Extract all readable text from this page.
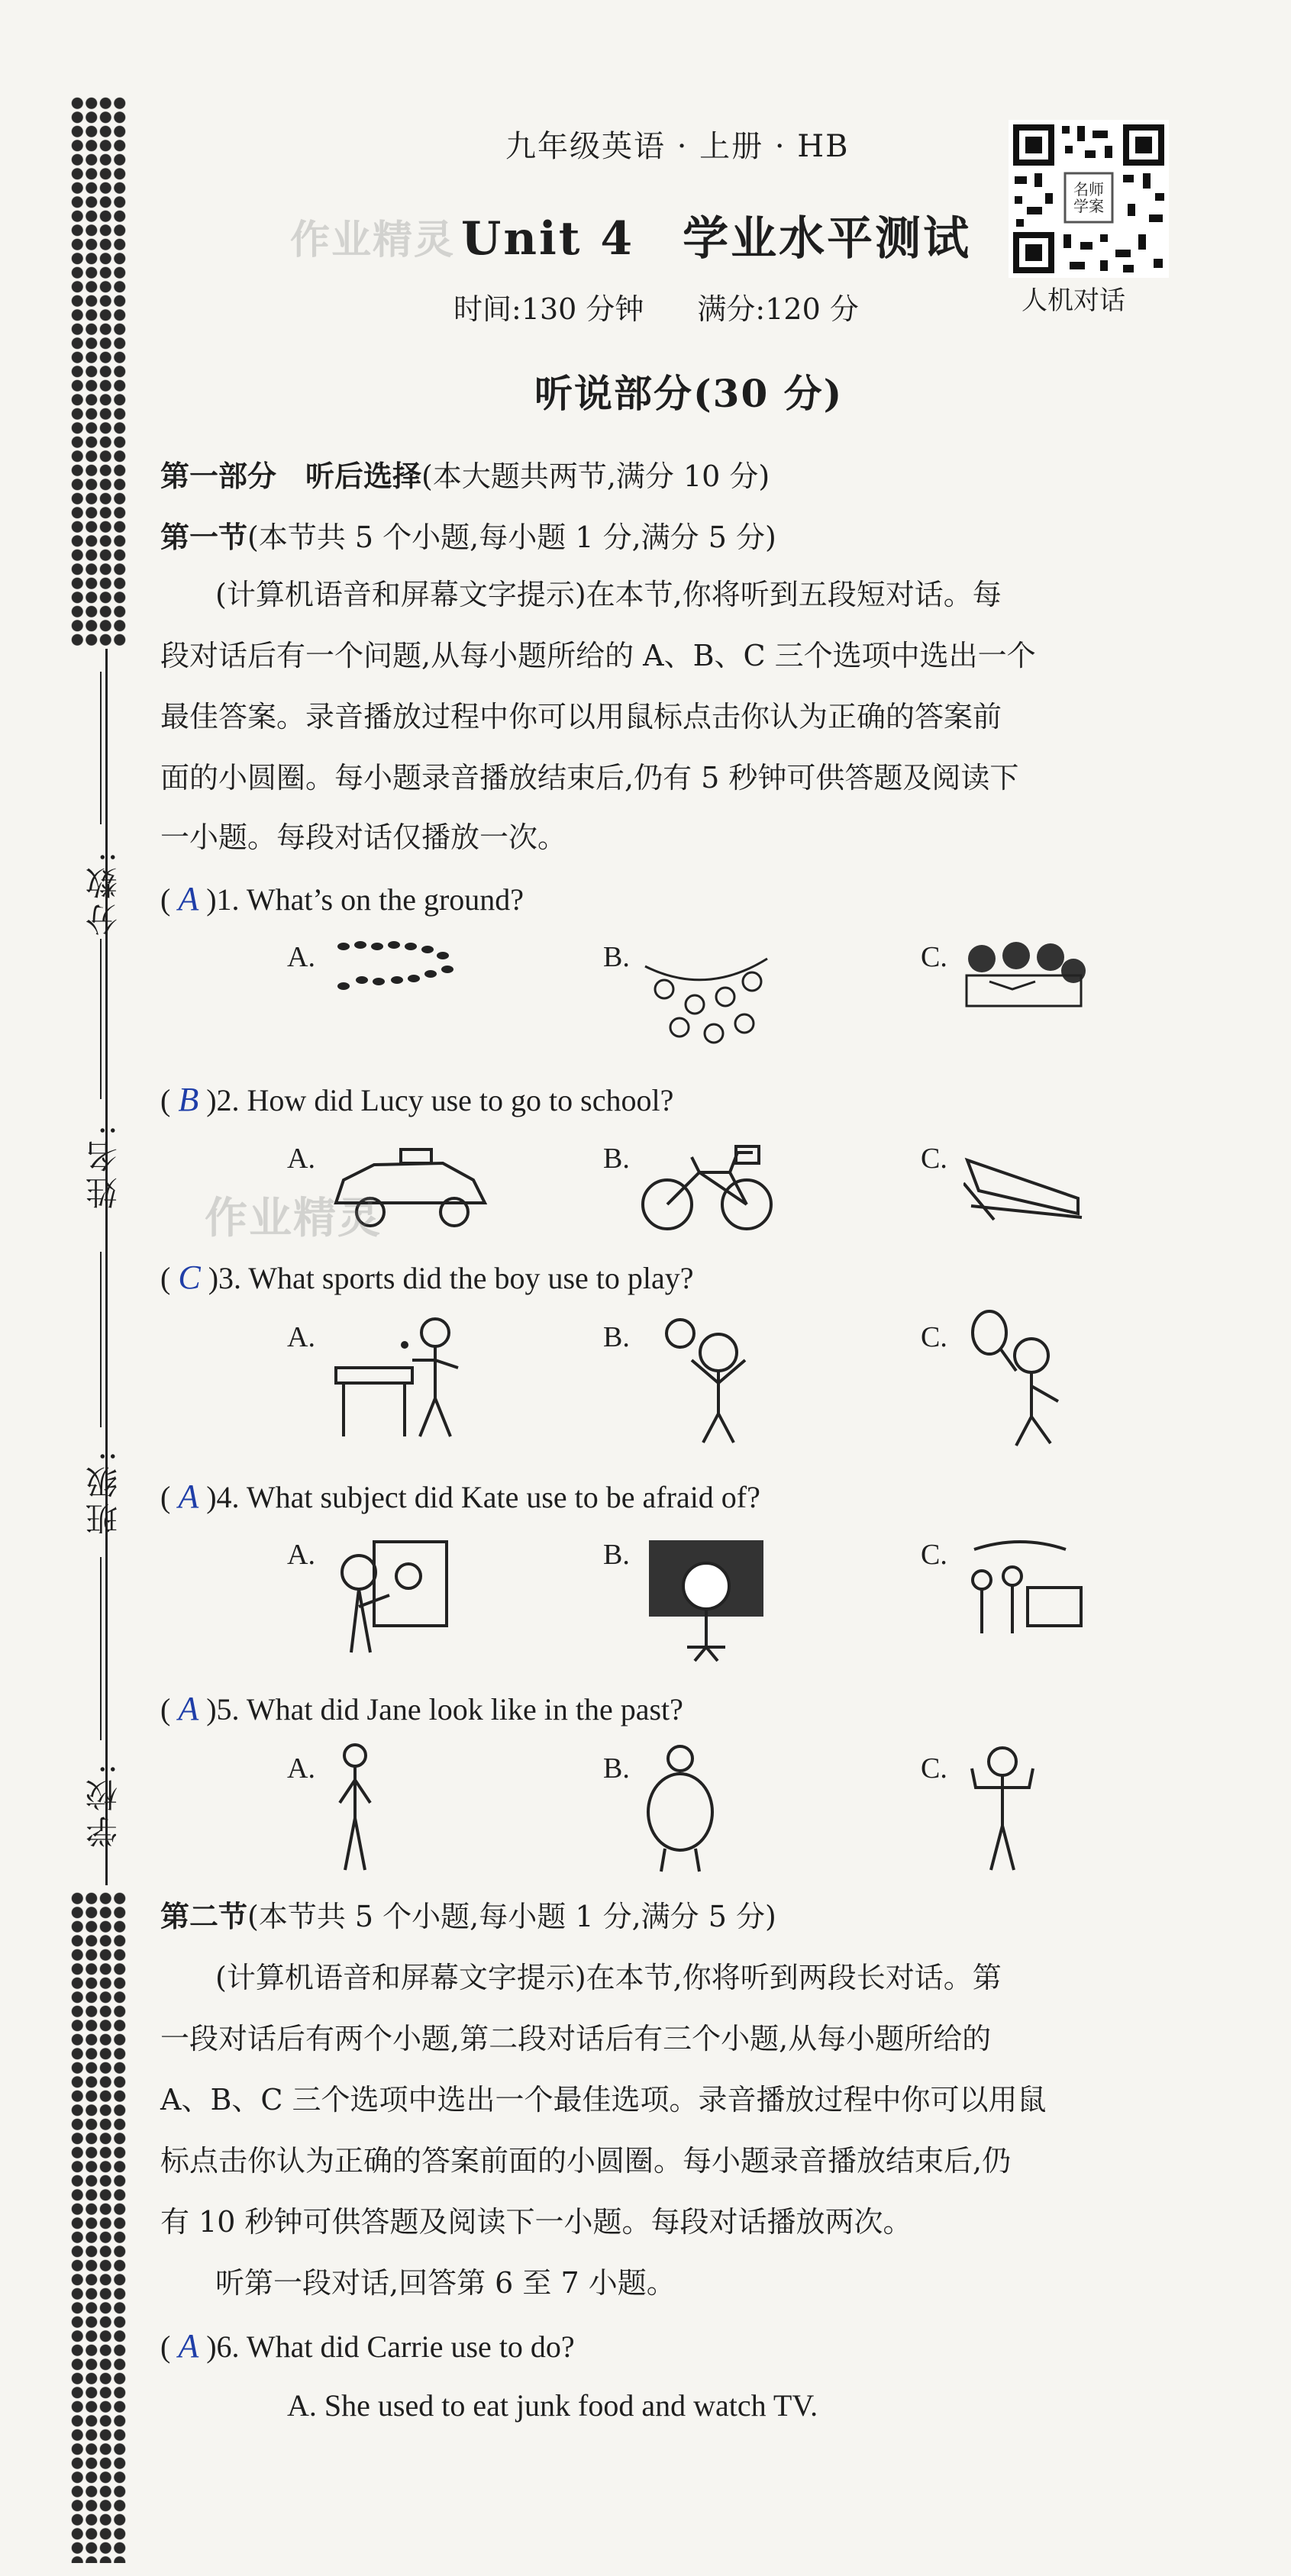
分数:
姓名:
班级:
学校:
九年级英语 · 上册 · HB
作业精灵 Unit 4　学业水平测试
时间:130 分钟 满分:120 分
名师学案
人机对话
听说部分(30 分)
第一部分　听后选择(本大题共两节,满分 10 分)
第一节(本节共 5 个小题,每小题 1 分,满分 5 分)
(计算机语音和屏幕文字提示)在本节,你将听到五段短对话。每
段对话后有一个问题,从每小题所给的 A、B、C 三个选项中选出一个
最佳答案。录音播放过程中你可以用鼠标点击你认为正确的答案前
面的小圆圈。每小题录音播放结束后,仍有 5 秒钟可供答题及阅读下
一小题。每段对话仅播放一次。
( A )1. What’s on the ground?
A.	B.	C.
( B )2. How did Lucy use to go to school?
A.
作业精灵
B.	C.
( C )3. What sports did the boy use to play?
A.	B.	C.
( A )4. What subject did Kate use to be afraid of?
A.	B.	C.
( A )5. What did Jane look like in the past?
A.	B.	C.
第二节(本节共 5 个小题,每小题 1 分,满分 5 分)
(计算机语音和屏幕文字提示)在本节,你将听到两段长对话。第
一段对话后有两个小题,第二段对话后有三个小题,从每小题所给的
A、B、C 三个选项中选出一个最佳选项。录音播放过程中你可以用鼠
标点击你认为正确的答案前面的小圆圈。每小题录音播放结束后,仍
有 10 秒钟可供答题及阅读下一小题。每段对话播放两次。
听第一段对话,回答第 6 至 7 小题。
( A )6. What did Carrie use to do?
A. She used to eat junk food and watch TV.
